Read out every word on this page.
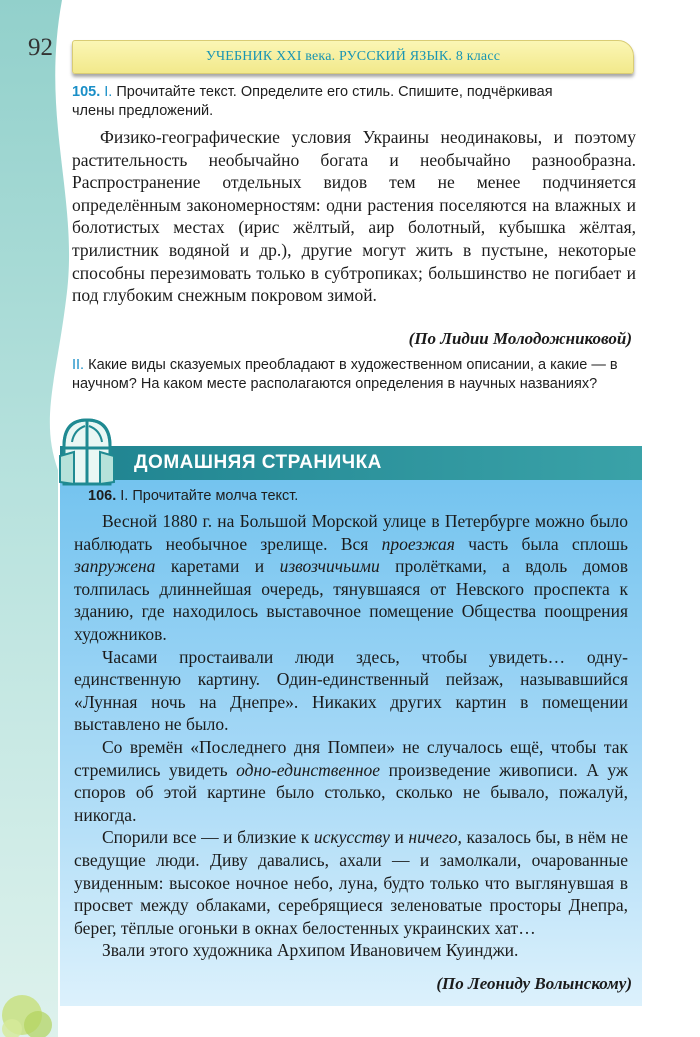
92	УЧЕБНИК XXI века. РУССКИЙ ЯЗЫК. 8 класс
105. I. Прочитайте текст. Определите его стиль. Спишите, подчёркивая
члены предложений.

Физико-географические условия Украины неодинаковы, и поэтому растительность необычайно богата и необычайно разнообразна. Распространение отдельных видов тем не менее подчиняется определённым закономерностям: одни растения поселяются на влажных и болотистых местах (ирис жёлтый, аир болотный, кубышка жёлтая, трилистник водяной и др.), другие могут жить в пустыне, некоторые способны перезимовать только в субтропиках; большинство не погибает и под глубоким снежным покровом зимой.

(По Лидии Молодожниковой)
II. Какие виды сказуемых преобладают в художественном описании, а какие — в научном? На каком месте располагаются определения в научных названиях?
ДОМАШНЯЯ СТРАНИЧКА
106. I. Прочитайте молча текст.

Весной 1880 г. на Большой Морской улице в Петербурге можно было наблюдать необычное зрелище. Вся проезжая часть была сплошь запружена каретами и извозчичьими пролётками, а вдоль домов толпилась длиннейшая очередь, тянувшаяся от Невского проспекта к зданию, где находилось выставочное помещение Общества поощрения художников.

Часами простаивали люди здесь, чтобы увидеть… одну-единственную картину. Один-единственный пейзаж, называвшийся «Лунная ночь на Днепре». Никаких других картин в помещении выставлено не было.

Со времён «Последнего дня Помпеи» не случалось ещё, чтобы так стремились увидеть одно-единственное произведение живописи. А уж споров об этой картине было столько, сколько не бывало, пожалуй, никогда.

Спорили все — и близкие к искусству и ничего, казалось бы, в нём не сведущие люди. Диву давались, ахали — и замолкали, очарованные увиденным: высокое ночное небо, луна, будто только что выглянувшая в просвет между облаками, серебрящиеся зеленоватые просторы Днепра, берег, тёплые огоньки в окнах белостенных украинских хат…

Звали этого художника Архипом Ивановичем Куинджи.

(По Леониду Волынскому)
